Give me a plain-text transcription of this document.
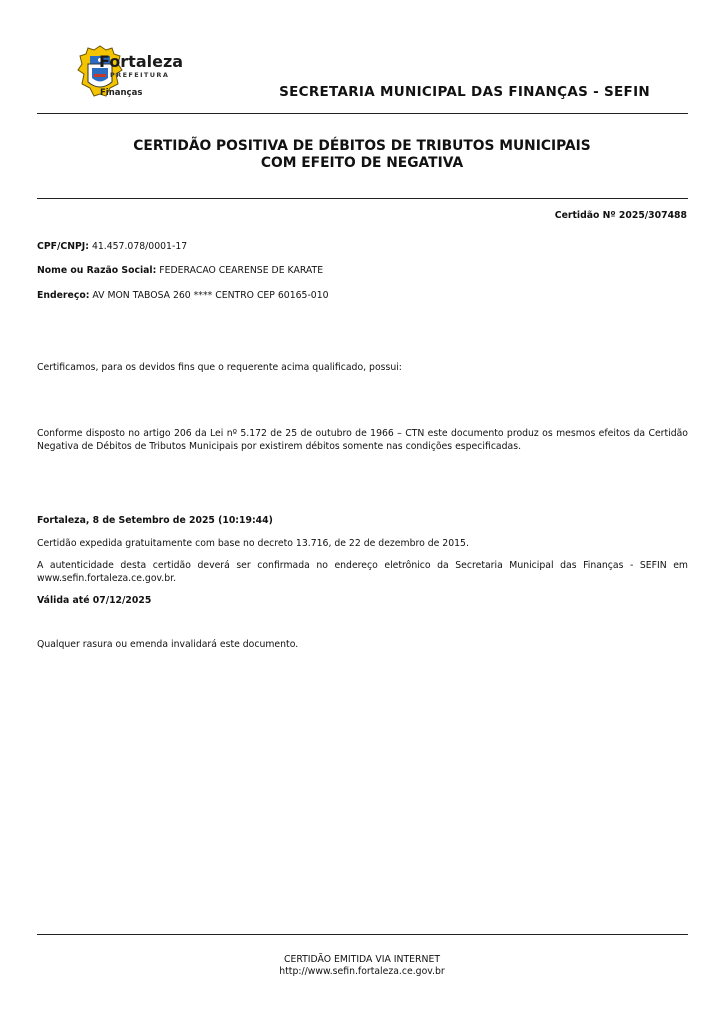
Fortaleza
PREFEITURA
Finanças	SECRETARIA MUNICIPAL DAS FINANÇAS - SEFIN
CERTIDÃO POSITIVA DE DÉBITOS DE TRIBUTOS MUNICIPAIS
COM EFEITO DE NEGATIVA
Certidão Nº 2025/307488
CPF/CNPJ: 41.457.078/0001-17
Nome ou Razão Social: FEDERACAO CEARENSE DE KARATE
Endereço: AV MON TABOSA 260 **** CENTRO CEP 60165-010
Certificamos, para os devidos fins que o requerente acima qualificado, possui:
Conforme disposto no artigo 206 da Lei nº 5.172 de 25 de outubro de 1966 – CTN este documento produz os mesmos efeitos da Certidão Negativa de Débitos de Tributos Municipais por existirem débitos somente nas condições especificadas.
Fortaleza, 8 de Setembro de 2025 (10:19:44)
Certidão expedida gratuitamente com base no decreto 13.716, de 22 de dezembro de 2015.
A autenticidade desta certidão deverá ser confirmada no endereço eletrônico da Secretaria Municipal das Finanças - SEFIN em www.sefin.fortaleza.ce.gov.br.
Válida até 07/12/2025
Qualquer rasura ou emenda invalidará este documento.
CERTIDÃO EMITIDA VIA INTERNET
http://www.sefin.fortaleza.ce.gov.br
